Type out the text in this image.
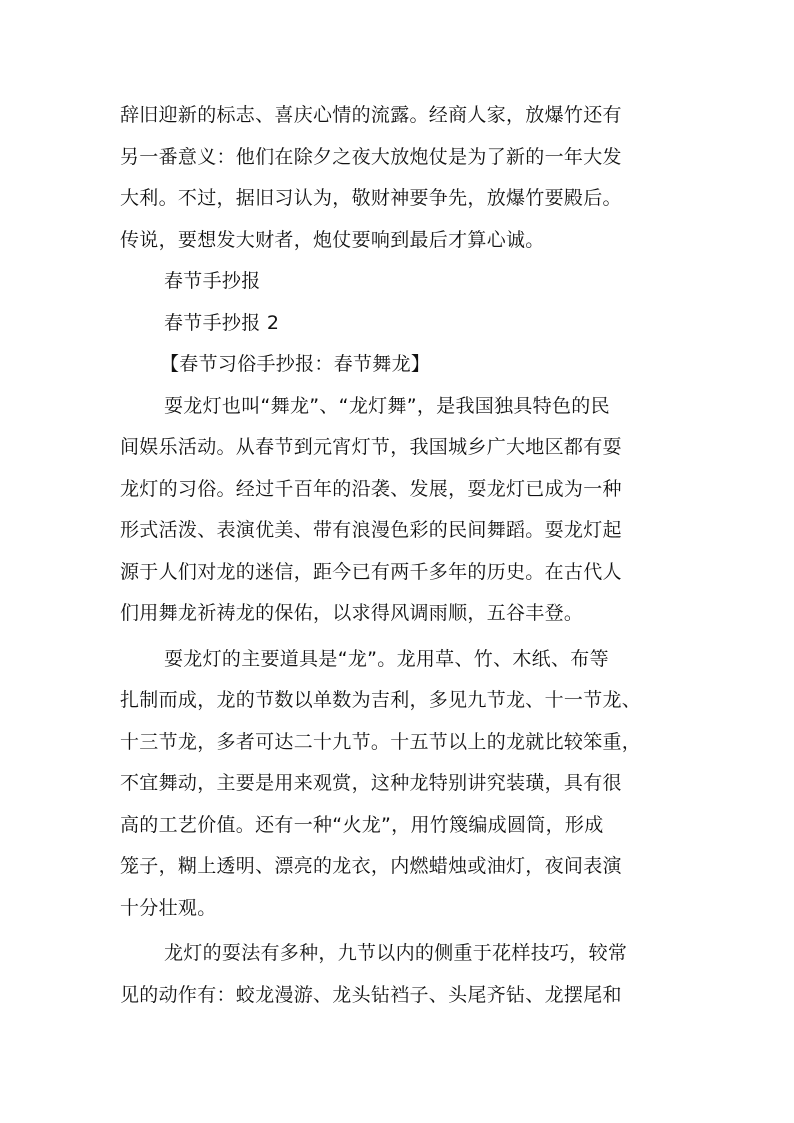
辞旧迎新的标志、喜庆心情的流露。经商人家，放爆竹还有
另一番意义：他们在除夕之夜大放炮仗是为了新的一年大发
大利。不过，据旧习认为，敬财神要争先，放爆竹要殿后。
传说，要想发大财者，炮仗要响到最后才算心诚。
春节手抄报
春节手抄报 2
【春节习俗手抄报：春节舞龙】
耍龙灯也叫“舞龙”、“龙灯舞”，是我国独具特色的民
间娱乐活动。从春节到元宵灯节，我国城乡广大地区都有耍
龙灯的习俗。经过千百年的沿袭、发展，耍龙灯已成为一种
形式活泼、表演优美、带有浪漫色彩的民间舞蹈。耍龙灯起
源于人们对龙的迷信，距今已有两千多年的历史。在古代人
们用舞龙祈祷龙的保佑，以求得风调雨顺，五谷丰登。
耍龙灯的主要道具是“龙”。龙用草、竹、木纸、布等
扎制而成，龙的节数以单数为吉利，多见九节龙、十一节龙、
十三节龙，多者可达二十九节。十五节以上的龙就比较笨重，
不宜舞动，主要是用来观赏，这种龙特别讲究装璜，具有很
高的工艺价值。还有一种“火龙”，用竹篾编成圆筒，形成
笼子，糊上透明、漂亮的龙衣，内燃蜡烛或油灯，夜间表演
十分壮观。
龙灯的耍法有多种，九节以内的侧重于花样技巧，较常
见的动作有：蛟龙漫游、龙头钻裆子、头尾齐钻、龙摆尾和
